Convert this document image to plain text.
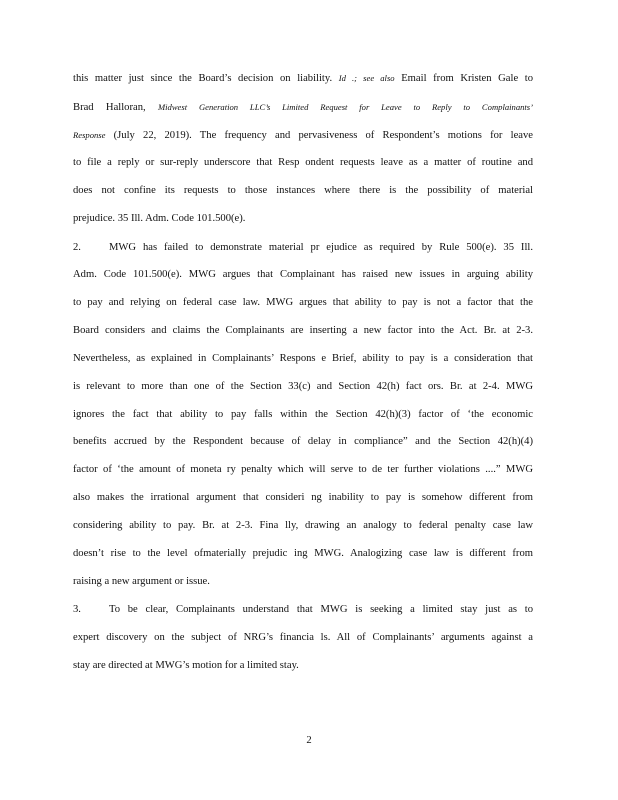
this matter just since the Board’s decision on liability. Id .; see also Email from Kristen Gale to
Brad Halloran, Midwest Generation LLC’s Limited Request for Leave to Reply to Complainants’
Response (July 22, 2019). The frequency and pervasiveness of Respondent’s motions for leave
to file a reply or sur-reply underscore that Resp ondent requests leave as a matter of routine and
does not confine its requests to those instances where there is the possibility of material
prejudice. 35 Ill. Adm. Code 101.500(e).
2.	MWG has failed to demonstrate material pr ejudice as required by Rule 500(e). 35 Ill.
Adm. Code 101.500(e). MWG argues that Complainant has raised new issues in arguing ability
to pay and relying on federal case law. MWG argues that ability to pay is not a factor that the
Board considers and claims the Complainants are inserting a new factor into the Act. Br. at 2-3.
Nevertheless, as explained in Complainants’ Respons e Brief, ability to pay is a consideration that
is relevant to more than one of the Section 33(c) and Section 42(h) fact ors. Br. at 2-4. MWG
ignores the fact that ability to pay falls within the Section 42(h)(3) factor of ‘the economic
benefits accrued by the Respondent because of delay in compliance” and the Section 42(h)(4)
factor of ‘the amount of moneta ry penalty which will serve to de ter further violations ....” MWG
also makes the irrational argument that consideri ng inability to pay is somehow different from
considering ability to pay. Br. at 2-3. Fina lly, drawing an analogy to federal penalty case law
doesn’t rise to the level ofmaterially prejudic ing MWG. Analogizing case law is different from
raising a new argument or issue.
3.	To be clear, Complainants understand that MWG is seeking a limited stay just as to
expert discovery on the subject of NRG’s financia ls. All of Complainants’ arguments against a
stay are directed at MWG’s motion for a limited stay.
2
